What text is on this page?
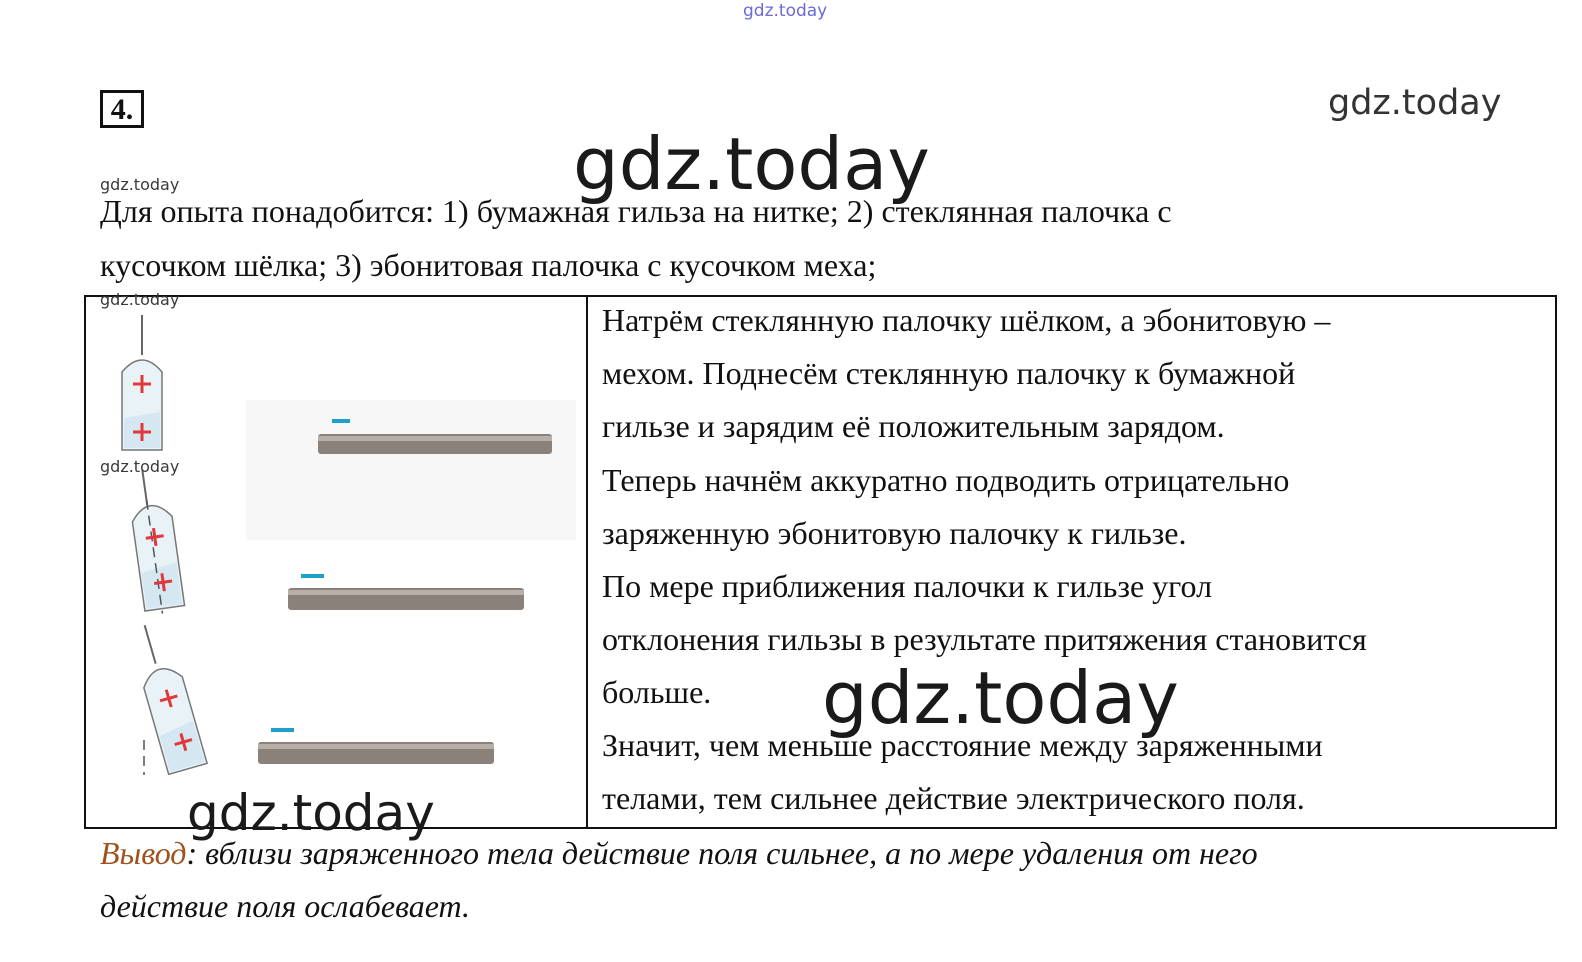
gdz.today
gdz.today
4.
gdz.today
Для опыта понадобится: 1) бумажная гильза на нитке; 2) стеклянная палочка с
кусочком шёлка; 3) эбонитовая палочка с кусочком меха;
gdz.today
gdz.today
Натрём стеклянную палочку шёлком, а эбонитовую –
мехом. Поднесём стеклянную палочку к бумажной
гильзе и зарядим её положительным зарядом.
Теперь начнём аккуратно подводить отрицательно
заряженную эбонитовую палочку к гильзе.
По мере приближения палочки к гильзе угол
отклонения гильзы в результате притяжения становится
больше.
Значит, чем меньше расстояние между заряженными
телами, тем сильнее действие электрического поля.
gdz.today
gdz.today
gdz.today
Вывод: вблизи заряженного тела действие поля сильнее, а по мере удаления от него
действие поля ослабевает.
